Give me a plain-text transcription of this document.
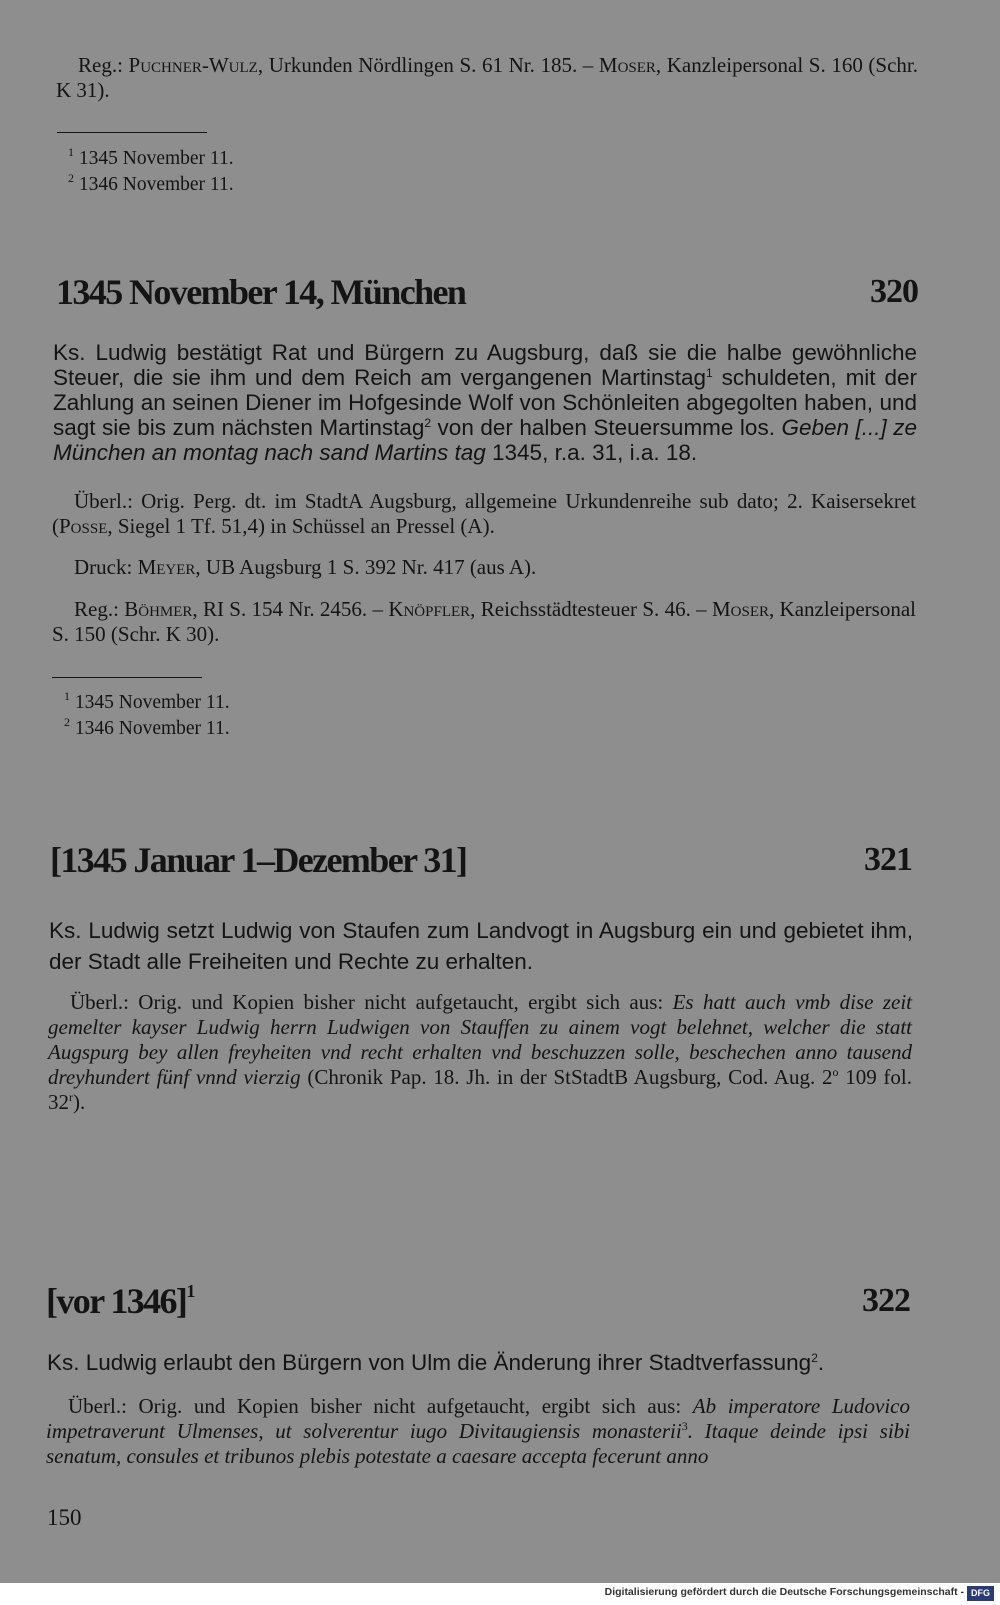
Reg.: Puchner-Wulz, Urkunden Nördlingen S. 61 Nr. 185. – Moser, Kanzleipersonal S. 160 (Schr. K 31).

$^1$ 1345 November 11.

$^2$ 1346 November 11.

1345 November 14, München	320

Ks. Ludwig bestätigt Rat und Bürgern zu Augsburg, daß sie die halbe gewöhnliche Steuer, die sie ihm und dem Reich am vergangenen Martinstag$^1$ schuldeten, mit der Zahlung an seinen Diener im Hofgesinde Wolf von Schönleiten abgegolten haben, und sagt sie bis zum nächsten Martinstag$^2$ von der halben Steuersumme los. Geben [...] ze München an montag nach sand Martins tag 1345, r.a. 31, i.a. 18.

Überl.: Orig. Perg. dt. im StadtA Augsburg, allgemeine Urkundenreihe sub dato; 2. Kaisersekret (Posse, Siegel 1 Tf. 51,4) in Schüssel an Pressel (A).

Druck: Meyer, UB Augsburg 1 S. 392 Nr. 417 (aus A).

Reg.: Böhmer, RI S. 154 Nr. 2456. – Knöpfler, Reichsstädtesteuer S. 46. – Moser, Kanzleipersonal S. 150 (Schr. K 30).

$^1$ 1345 November 11.

$^2$ 1346 November 11.

[1345 Januar 1–Dezember 31]	321

Ks. Ludwig setzt Ludwig von Staufen zum Landvogt in Augsburg ein und gebietet ihm, der Stadt alle Freiheiten und Rechte zu erhalten.

Überl.: Orig. und Kopien bisher nicht aufgetaucht, ergibt sich aus: Es hatt auch vmb dise zeit gemelter kayser Ludwig herrn Ludwigen von Stauffen zu ainem vogt belehnet, welcher die statt Augspurg bey allen freyheiten vnd recht erhalten vnd beschuzzen solle, beschechen anno tausend dreyhundert fünf vnnd vierzig (Chronik Pap. 18. Jh. in der StStadtB Augsburg, Cod. Aug. 2$^o$ 109 fol. 32$^r$).

[vor 1346]$^1$	322

Ks. Ludwig erlaubt den Bürgern von Ulm die Änderung ihrer Stadtverfassung$^2$.

Überl.: Orig. und Kopien bisher nicht aufgetaucht, ergibt sich aus: Ab imperatore Ludovico impetraverunt Ulmenses, ut solverentur iugo Divitaugiensis monasterii$^3$. Itaque deinde ipsi sibi senatum, consules et tribunos plebis potestate a caesare accepta fecerunt anno

150
Digitalisierung gefördert durch die Deutsche Forschungsgemeinschaft - DFG
